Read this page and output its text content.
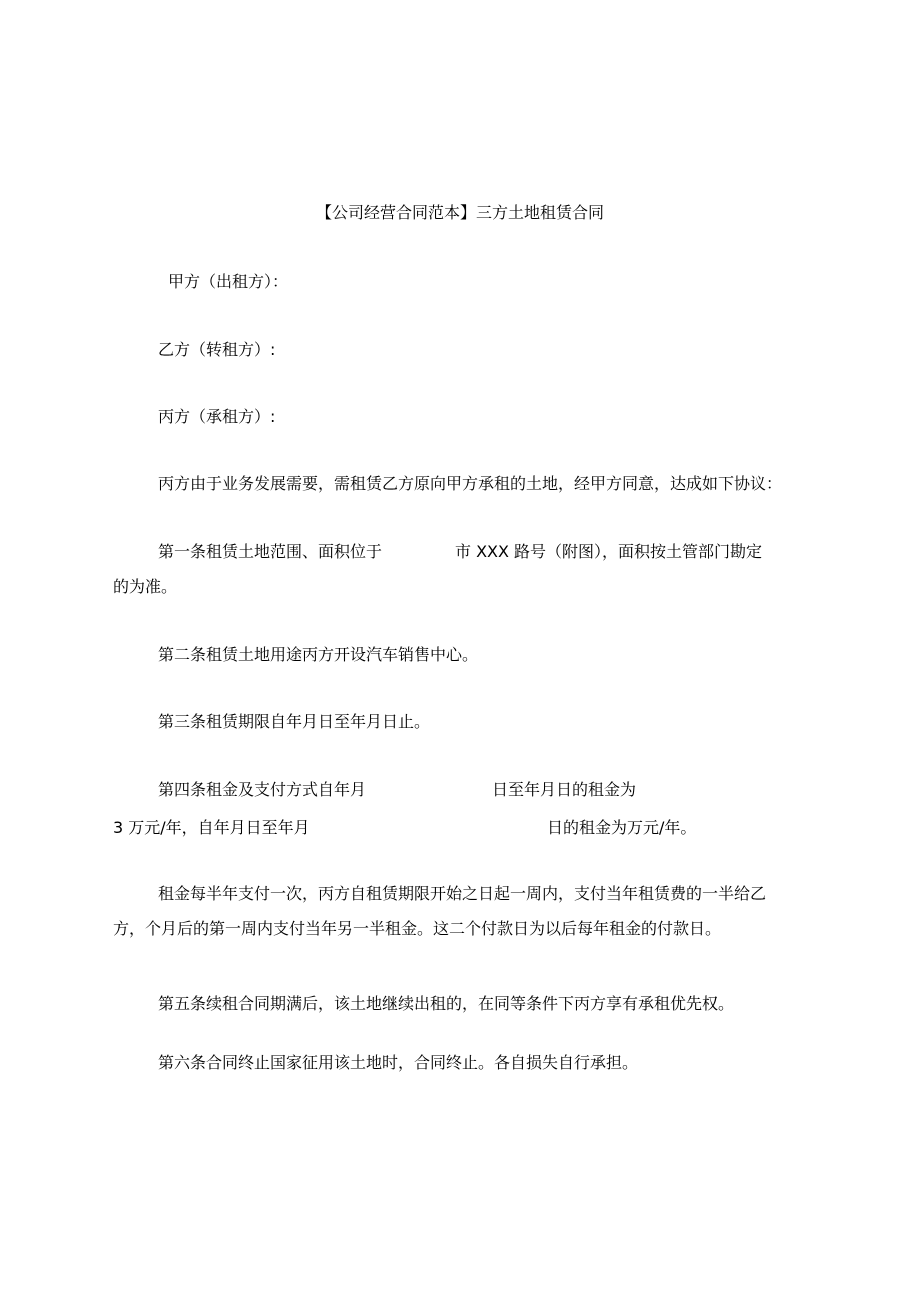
【公司经营合同范本】三方土地租赁合同
甲方（出租方）：
乙方（转租方）:
丙方（承租方）:
丙方由于业务发展需要，需租赁乙方原向甲方承租的土地，经甲方同意，达成如下协议：
第一条租赁土地范围、面积位于	市 XXX 路号（附图），面积按土管部门勘定
的为准。
第二条租赁土地用途丙方开设汽车销售中心。
第三条租赁期限自年月日至年月日止。
第四条租金及支付方式自年月	日至年月日的租金为
3 万元/年，自年月日至年月	日的租金为万元/年。
租金每半年支付一次，丙方自租赁期限开始之日起一周内，支付当年租赁费的一半给乙
方，个月后的第一周内支付当年另一半租金。这二个付款日为以后每年租金的付款日。
第五条续租合同期满后，该土地继续出租的，在同等条件下丙方享有承租优先权。
第六条合同终止国家征用该土地时，合同终止。各自损失自行承担。
